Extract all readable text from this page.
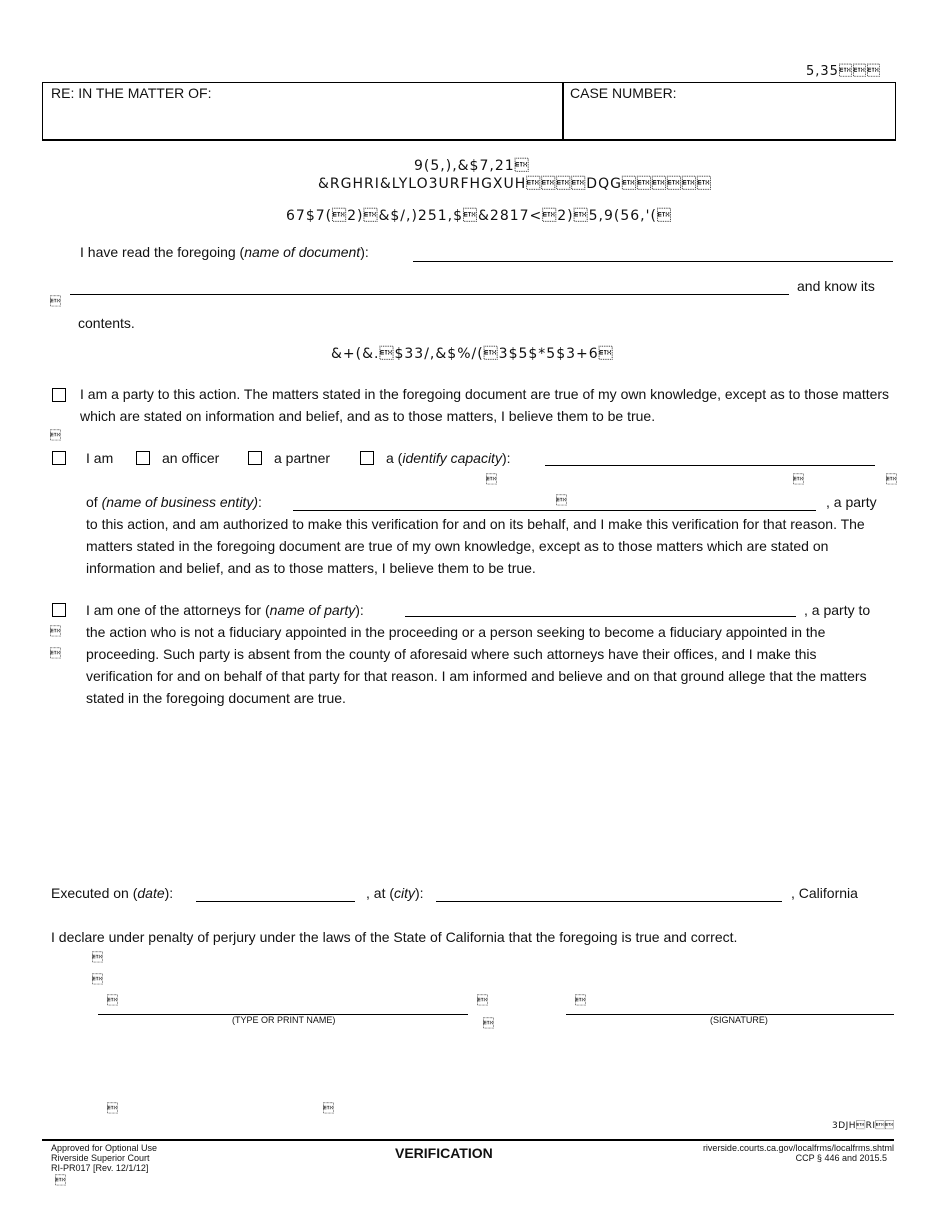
5,35
RE: IN THE MATTER OF:	CASE NUMBER:
9(5,),&$7,21
&RGHRI&LYLO3URFHGXUHDQG
67$7(2)&$/,)251,$&2817<2)5,9(56,'(
I have read the foregoing (name of document):
and know its

contents.
&+(&.$33/,&$%/(3$5$*5$3+6
I am a party to this action. The matters stated in the foregoing document are true of my own knowledge, except as to those matters which are stated on information and belief, and as to those matters, I believe them to be true.

I am	an officer	a partner	a (identify capacity):
		
of (name of business entity):		, a party
to this action, and am authorized to make this verification for and on its behalf, and I make this verification for that reason. The matters stated in the foregoing document are true of my own knowledge, except as to those matters which are stated on information and belief, and as to those matters, I believe them to be true.
I am one of the attorneys for (name of party):	, a party to


the action who is not a fiduciary appointed in the proceeding or a person seeking to become a fiduciary appointed in the proceeding. Such party is absent from the county of aforesaid where such attorneys have their offices, and I make this verification for and on behalf of that party for that reason. I am informed and believe and on that ground allege that the matters stated in the foregoing document are true.
Executed on (date):	, at (city):	, California
I declare under penalty of perjury under the laws of the State of California that the foregoing is true and correct.



(TYPE OR PRINT NAME)



(SIGNATURE)
	
3DJHRI
Approved for Optional Use
Riverside Superior Court
RI-PR017 [Rev. 12/1/12]

VERIFICATION	riverside.courts.ca.gov/localfrms/localfrms.shtml
CCP § 446 and 2015.5
